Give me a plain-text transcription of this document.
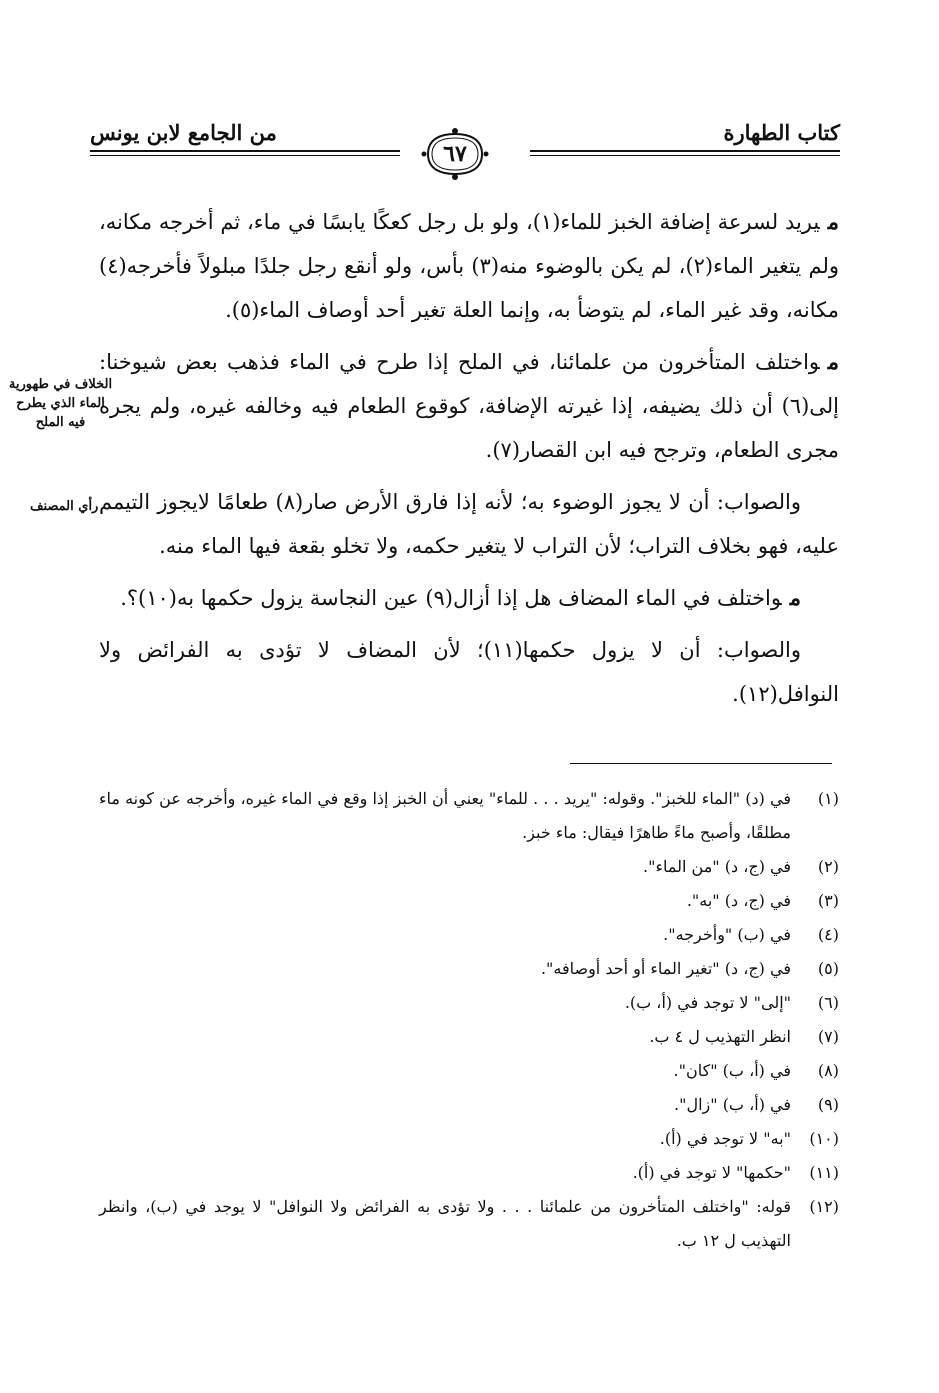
كتاب الطهارة
من الجامع لابن يونس
٦٧

ميريد لسرعة إضافة الخبز للماء(١)، ولو بل رجل كعكًا يابسًا في ماء، ثم أخرجه مكانه، ولم يتغير الماء(٢)، لم يكن بالوضوء منه(٣) بأس، ولو أنقع رجل جلدًا مبلولاً فأخرجه(٤) مكانه، وقد غير الماء، لم يتوضأ به، وإنما العلة تغير أحد أوصاف الماء(٥).

مواختلف المتأخرون من علمائنا، في الملح إذا طرح في الماء فذهب بعض شيوخنا: إلى(٦) أن ذلك يضيفه، إذا غيرته الإضافة، كوقوع الطعام فيه وخالفه غيره، ولم يجره مجرى الطعام، وترجح فيه ابن القصار(٧).

والصواب: أن لا يجوز الوضوء به؛ لأنه إذا فارق الأرض صار(٨) طعامًا لايجوز التيمم عليه، فهو بخلاف التراب؛ لأن التراب لا يتغير حكمه، ولا تخلو بقعة فيها الماء منه.

مواختلف في الماء المضاف هل إذا أزال(٩) عين النجاسة يزول حكمها به(١٠)؟.

والصواب: أن لا يزول حكمها(١١)؛ لأن المضاف لا تؤدى به الفرائض ولا النوافل(١٢).

الخلاف في طهورية الماء الذي يطرح فيه الملح
رأي المصنف
(١)
في (د) "الماء للخبز". وقوله: "يريد . . . للماء" يعني أن الخبز إذا وقع في الماء غيره، وأخرجه عن كونه ماء مطلقًا، وأصبح ماءً طاهرًا فيقال: ماء خبز.
(٢)
في (ج، د) "من الماء".
(٣)
في (ج، د) "به".
(٤)
في (ب) "وأخرجه".
(٥)
في (ج، د) "تغير الماء أو أحد أوصافه".
(٦)
"إلى" لا توجد في (أ، ب).
(٧)
انظر التهذيب ل ٤ ب.
(٨)
في (أ، ب) "كان".
(٩)
في (أ، ب) "زال".
(١٠)
"به" لا توجد في (أ).
(١١)
"حكمها" لا توجد في (أ).
(١٢)
قوله: "واختلف المتأخرون من علمائنا . . . ولا تؤدى به الفرائض ولا النوافل" لا يوجد في (ب)، وانظر التهذيب ل ١٢ ب.
